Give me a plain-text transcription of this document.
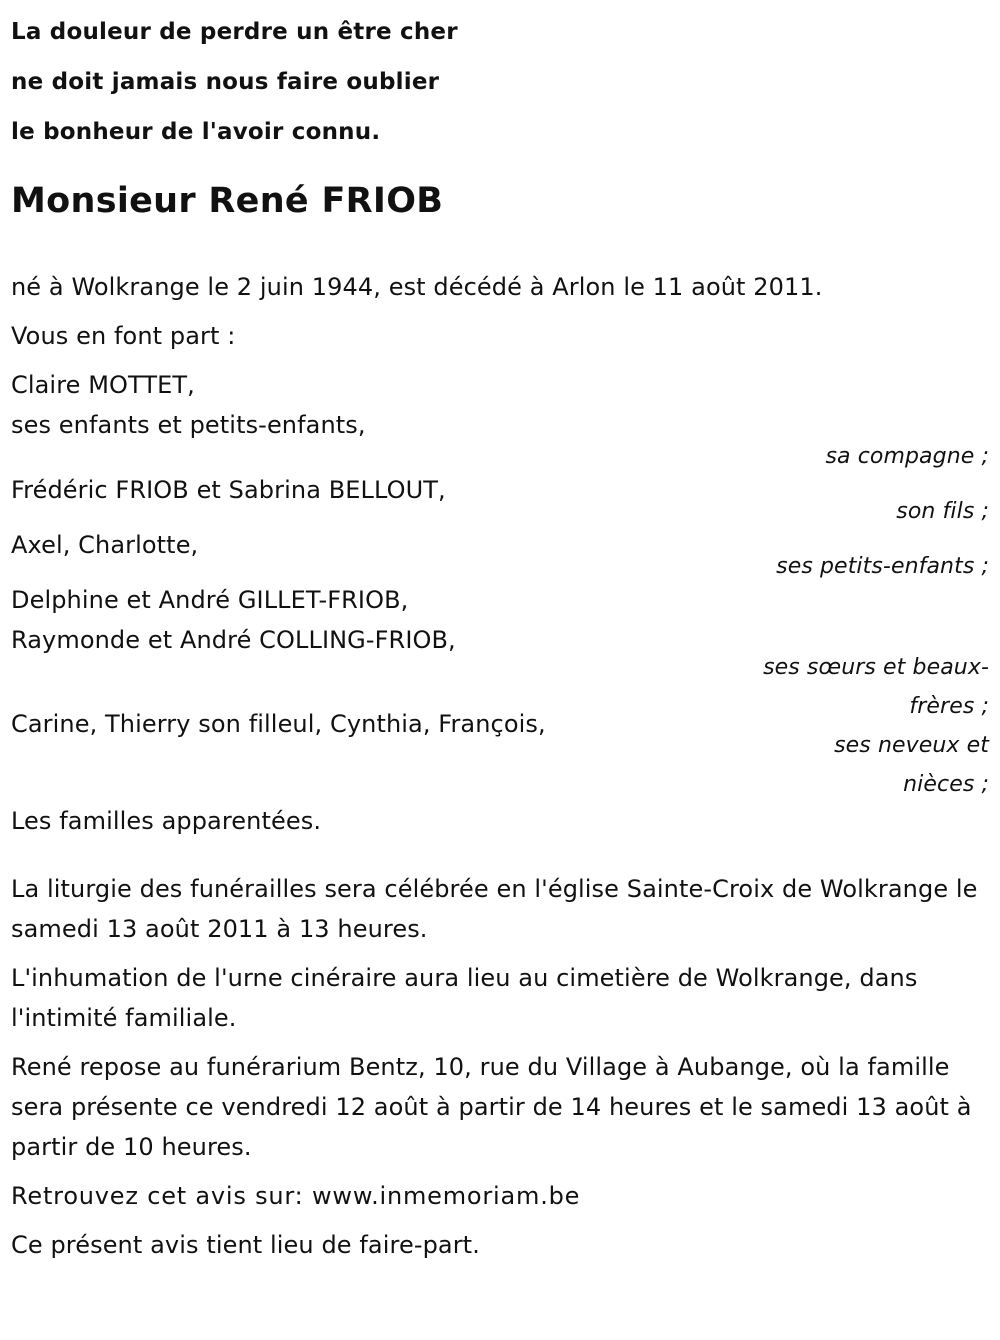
La douleur de perdre un être cher

ne doit jamais nous faire oublier

le bonheur de l'avoir connu.

Monsieur René FRIOB

né à Wolkrange le 2 juin 1944, est décédé à Arlon le 11 août 2011.

Vous en font part :

Claire MOTTET,

ses enfants et petits-enfants,

sa compagne ;

Frédéric FRIOB et Sabrina BELLOUT,

son fils ;

Axel, Charlotte,

ses petits-enfants ;

Delphine et André GILLET-FRIOB,

Raymonde et André COLLING-FRIOB,

ses sœurs et beaux-frères ;

Carine, Thierry son filleul, Cynthia, François,

ses neveux et nièces ;

Les familles apparentées.

La liturgie des funérailles sera célébrée en l'église Sainte-Croix de Wolkrange le samedi 13 août 2011 à 13 heures.

L'inhumation de l'urne cinéraire aura lieu au cimetière de Wolkrange, dans l'intimité familiale.

René repose au funérarium Bentz, 10, rue du Village à Aubange, où la famille sera présente ce vendredi 12 août à partir de 14 heures et le samedi 13 août à partir de 10 heures.

Retrouvez cet avis sur: www.inmemoriam.be

Ce présent avis tient lieu de faire-part.
